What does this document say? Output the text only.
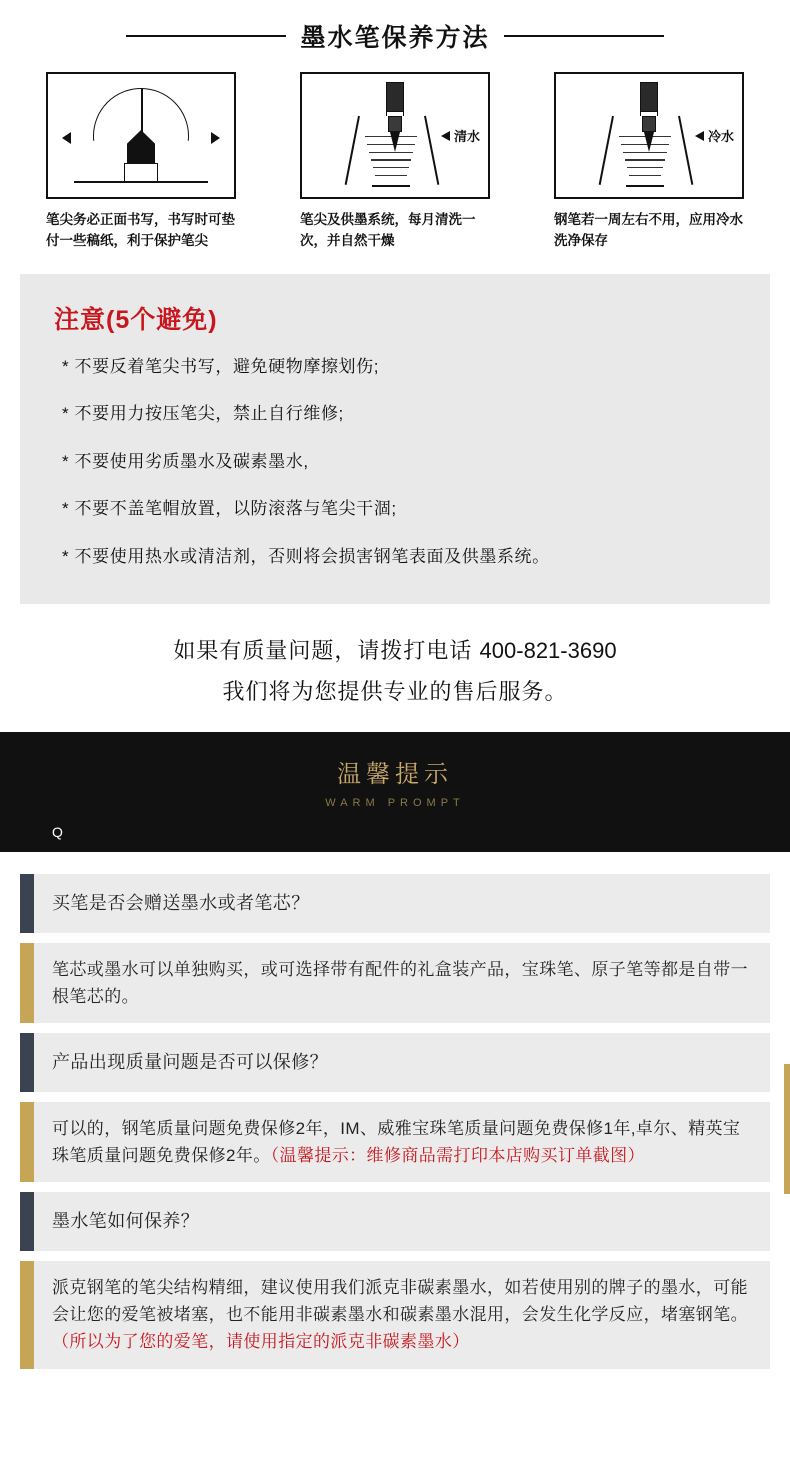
墨水笔保养方法
笔尖务必正面书写，书写时可垫付一些稿纸，利于保护笔尖
清水
笔尖及供墨系统，每月清洗一次，并自然干燥
冷水
钢笔若一周左右不用，应用冷水洗净保存
注意(5个避免)
* 不要反着笔尖书写，避免硬物摩擦划伤;
* 不要用力按压笔尖，禁止自行维修;
* 不要使用劣质墨水及碳素墨水,
* 不要不盖笔帽放置，以防滚落与笔尖干涸;
* 不要使用热水或清洁剂，否则将会损害钢笔表面及供墨系统。
如果有质量问题，请拨打电话 400-821-3690
我们将为您提供专业的售后服务。
温馨提示
WARM PROMPT
Q
买笔是否会赠送墨水或者笔芯？
笔芯或墨水可以单独购买，或可选择带有配件的礼盒装产品，宝珠笔、原子笔等都是自带一根笔芯的。
产品出现质量问题是否可以保修？
可以的，钢笔质量问题免费保修2年，IM、威雅宝珠笔质量问题免费保修1年,卓尔、精英宝珠笔质量问题免费保修2年。（温馨提示：维修商品需打印本店购买订单截图）
墨水笔如何保养？
派克钢笔的笔尖结构精细，建议使用我们派克非碳素墨水，如若使用别的牌子的墨水，可能会让您的爱笔被堵塞，也不能用非碳素墨水和碳素墨水混用，会发生化学反应，堵塞钢笔。（所以为了您的爱笔，请使用指定的派克非碳素墨水）
